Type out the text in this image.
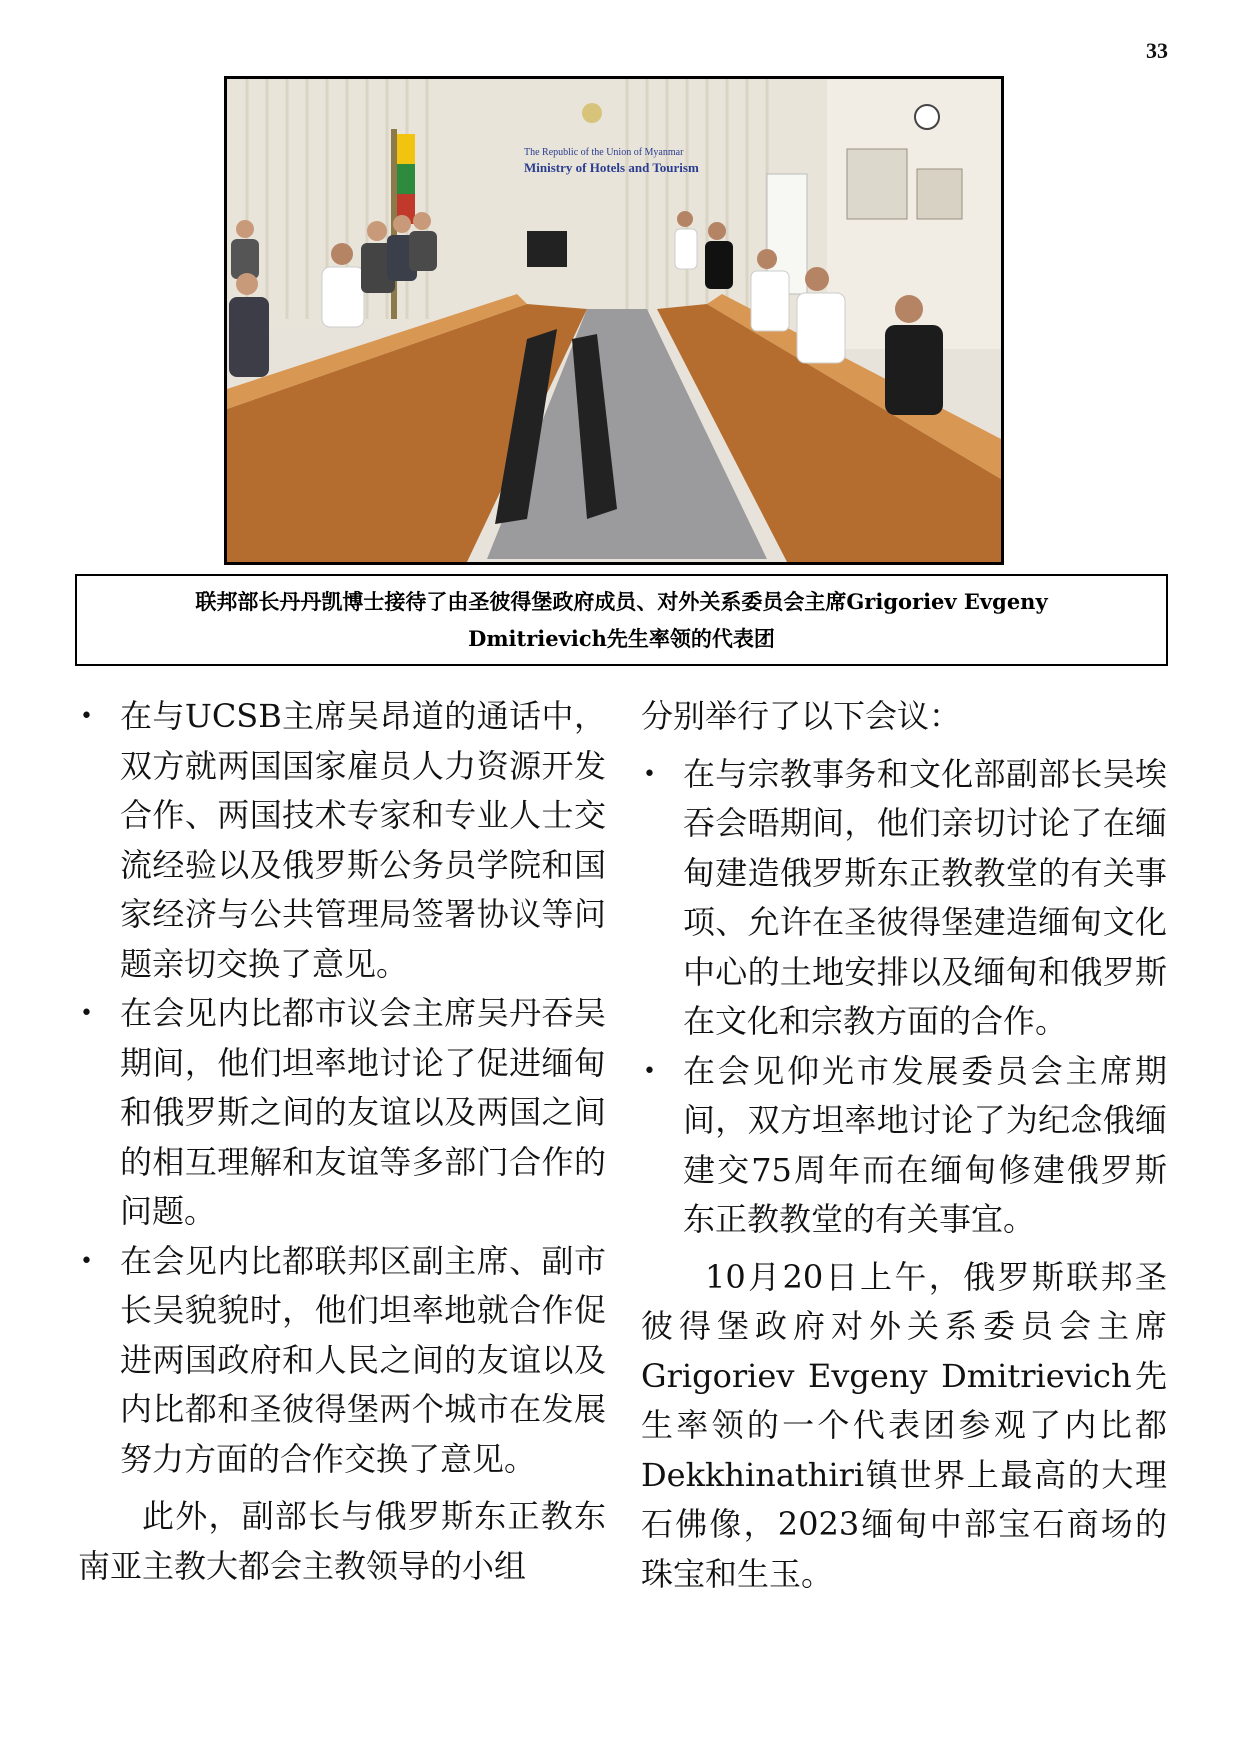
33
The Republic of the Union of Myanmar
Ministry of Hotels and Tourism
联邦部长丹丹凯博士接待了由圣彼得堡政府成员、对外关系委员会主席Grigoriev Evgeny Dmitrievich先生率领的代表团
• 在与UCSB主席吴昂道的通话中，双方就两国国家雇员人力资源开发合作、两国技术专家和专业人士交流经验以及俄罗斯公务员学院和国家经济与公共管理局签署协议等问题亲切交换了意见。
• 在会见内比都市议会主席吴丹吞吴期间，他们坦率地讨论了促进缅甸和俄罗斯之间的友谊以及两国之间的相互理解和友谊等多部门合作的问题。
• 在会见内比都联邦区副主席、副市长吴貌貌时，他们坦率地就合作促进两国政府和人民之间的友谊以及内比都和圣彼得堡两个城市在发展努力方面的合作交换了意见。

此外，副部长与俄罗斯东正教东南亚主教大都会主教领导的小组

分别举行了以下会议：

• 在与宗教事务和文化部副部长吴埃吞会晤期间，他们亲切讨论了在缅甸建造俄罗斯东正教教堂的有关事项、允许在圣彼得堡建造缅甸文化中心的土地安排以及缅甸和俄罗斯在文化和宗教方面的合作。
• 在会见仰光市发展委员会主席期间，双方坦率地讨论了为纪念俄缅建交75周年而在缅甸修建俄罗斯东正教教堂的有关事宜。

10月20日上午，俄罗斯联邦圣彼得堡政府对外关系委员会主席Grigoriev Evgeny Dmitrievich先生率领的一个代表团参观了内比都Dekkhinathiri镇世界上最高的大理石佛像，2023缅甸中部宝石商场的珠宝和生玉。
